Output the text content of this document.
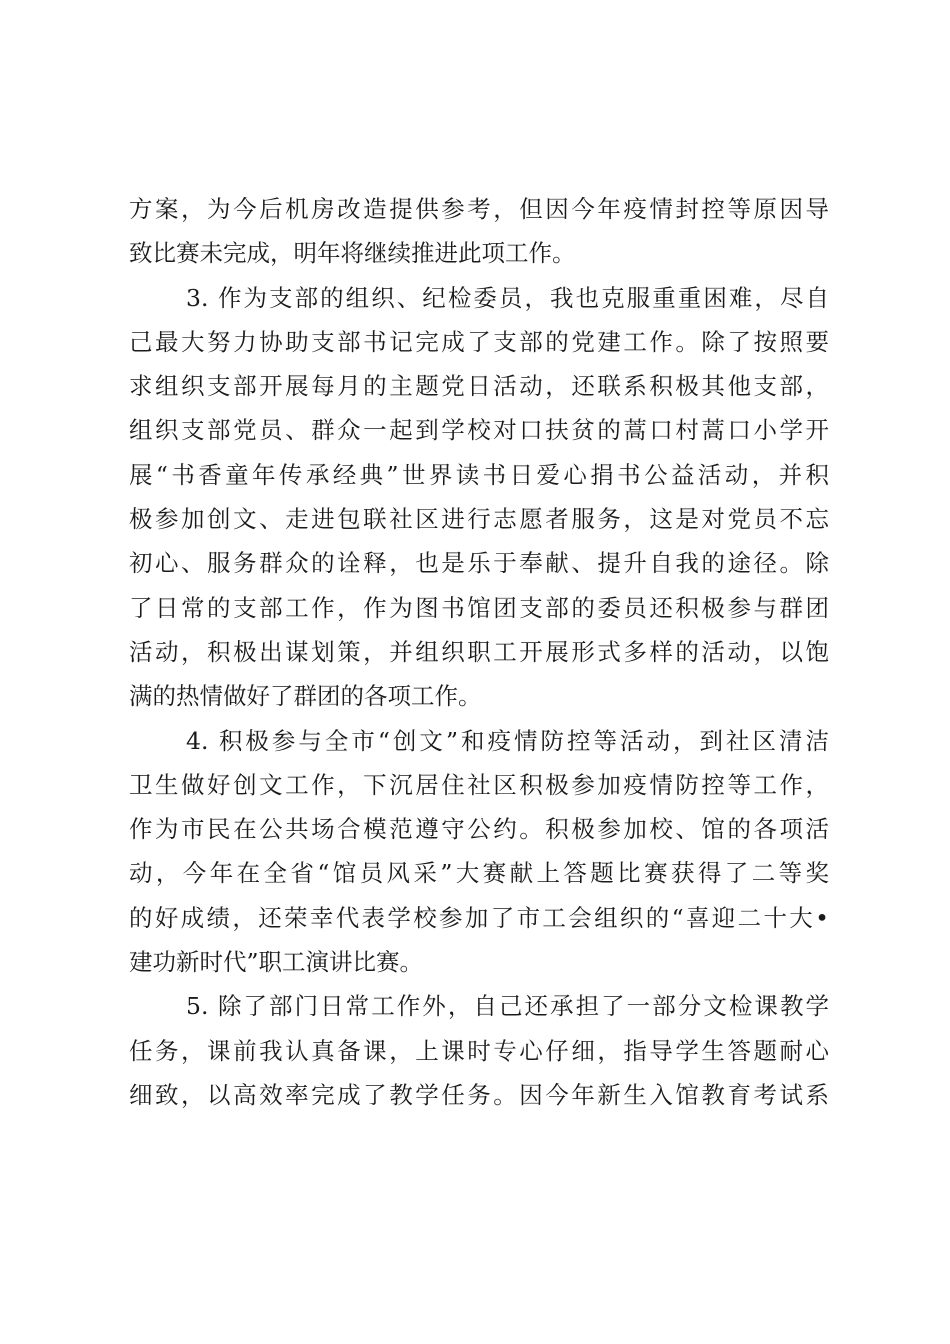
方案，为今后机房改造提供参考，但因今年疫情封控等原因导
致比赛未完成，明年将继续推进此项工作。
3. 作为支部的组织、纪检委员，我也克服重重困难，尽自
己最大努力协助支部书记完成了支部的党建工作。除了按照要
求组织支部开展每月的主题党日活动，还联系积极其他支部，
组织支部党员、群众一起到学校对口扶贫的蒿口村蒿口小学开
展“书香童年传承经典”世界读书日爱心捐书公益活动，并积
极参加创文、走进包联社区进行志愿者服务，这是对党员不忘
初心、服务群众的诠释，也是乐于奉献、提升自我的途径。除
了日常的支部工作，作为图书馆团支部的委员还积极参与群团
活动，积极出谋划策，并组织职工开展形式多样的活动，以饱
满的热情做好了群团的各项工作。
4. 积极参与全市“创文”和疫情防控等活动，到社区清洁
卫生做好创文工作，下沉居住社区积极参加疫情防控等工作，
作为市民在公共场合模范遵守公约。积极参加校、馆的各项活
动，今年在全省“馆员风采”大赛献上答题比赛获得了二等奖
的好成绩，还荣幸代表学校参加了市工会组织的“喜迎二十大•
建功新时代”职工演讲比赛。
5. 除了部门日常工作外，自己还承担了一部分文检课教学
任务，课前我认真备课，上课时专心仔细，指导学生答题耐心
细致，以高效率完成了教学任务。因今年新生入馆教育考试系
